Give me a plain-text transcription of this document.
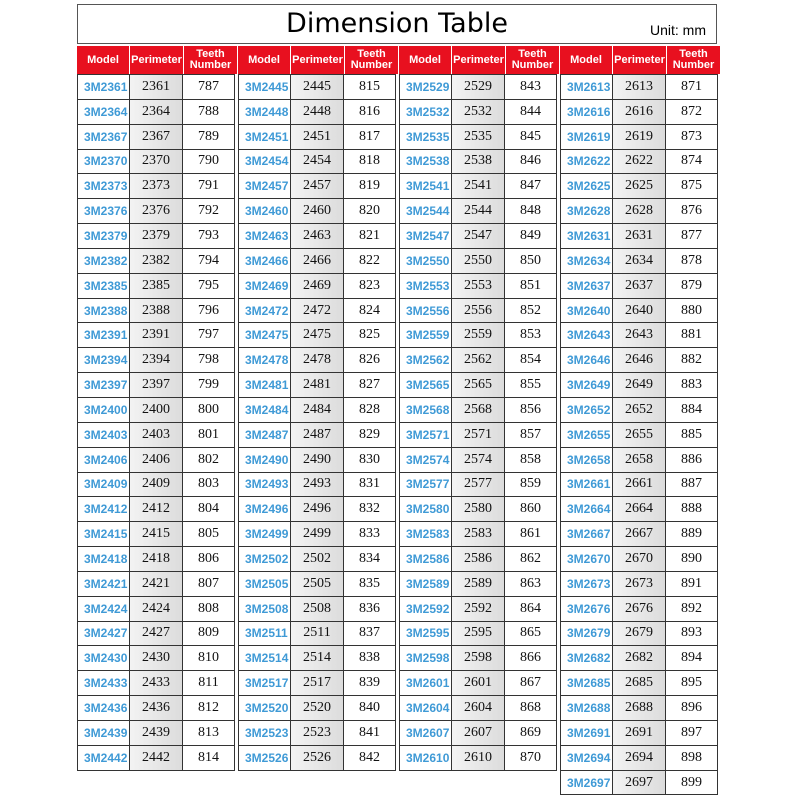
Dimension Table	Unit: mm
Model	Perimeter	Teeth Number
3M2361	2361	787
3M2364	2364	788
3M2367	2367	789
3M2370	2370	790
3M2373	2373	791
3M2376	2376	792
3M2379	2379	793
3M2382	2382	794
3M2385	2385	795
3M2388	2388	796
3M2391	2391	797
3M2394	2394	798
3M2397	2397	799
3M2400	2400	800
3M2403	2403	801
3M2406	2406	802
3M2409	2409	803
3M2412	2412	804
3M2415	2415	805
3M2418	2418	806
3M2421	2421	807
3M2424	2424	808
3M2427	2427	809
3M2430	2430	810
3M2433	2433	811
3M2436	2436	812
3M2439	2439	813
3M2442	2442	814
Model	Perimeter	Teeth Number
3M2445	2445	815
3M2448	2448	816
3M2451	2451	817
3M2454	2454	818
3M2457	2457	819
3M2460	2460	820
3M2463	2463	821
3M2466	2466	822
3M2469	2469	823
3M2472	2472	824
3M2475	2475	825
3M2478	2478	826
3M2481	2481	827
3M2484	2484	828
3M2487	2487	829
3M2490	2490	830
3M2493	2493	831
3M2496	2496	832
3M2499	2499	833
3M2502	2502	834
3M2505	2505	835
3M2508	2508	836
3M2511	2511	837
3M2514	2514	838
3M2517	2517	839
3M2520	2520	840
3M2523	2523	841
3M2526	2526	842
Model	Perimeter	Teeth Number
3M2529	2529	843
3M2532	2532	844
3M2535	2535	845
3M2538	2538	846
3M2541	2541	847
3M2544	2544	848
3M2547	2547	849
3M2550	2550	850
3M2553	2553	851
3M2556	2556	852
3M2559	2559	853
3M2562	2562	854
3M2565	2565	855
3M2568	2568	856
3M2571	2571	857
3M2574	2574	858
3M2577	2577	859
3M2580	2580	860
3M2583	2583	861
3M2586	2586	862
3M2589	2589	863
3M2592	2592	864
3M2595	2595	865
3M2598	2598	866
3M2601	2601	867
3M2604	2604	868
3M2607	2607	869
3M2610	2610	870
Model	Perimeter	Teeth Number
3M2613	2613	871
3M2616	2616	872
3M2619	2619	873
3M2622	2622	874
3M2625	2625	875
3M2628	2628	876
3M2631	2631	877
3M2634	2634	878
3M2637	2637	879
3M2640	2640	880
3M2643	2643	881
3M2646	2646	882
3M2649	2649	883
3M2652	2652	884
3M2655	2655	885
3M2658	2658	886
3M2661	2661	887
3M2664	2664	888
3M2667	2667	889
3M2670	2670	890
3M2673	2673	891
3M2676	2676	892
3M2679	2679	893
3M2682	2682	894
3M2685	2685	895
3M2688	2688	896
3M2691	2691	897
3M2694	2694	898
3M2697	2697	899
